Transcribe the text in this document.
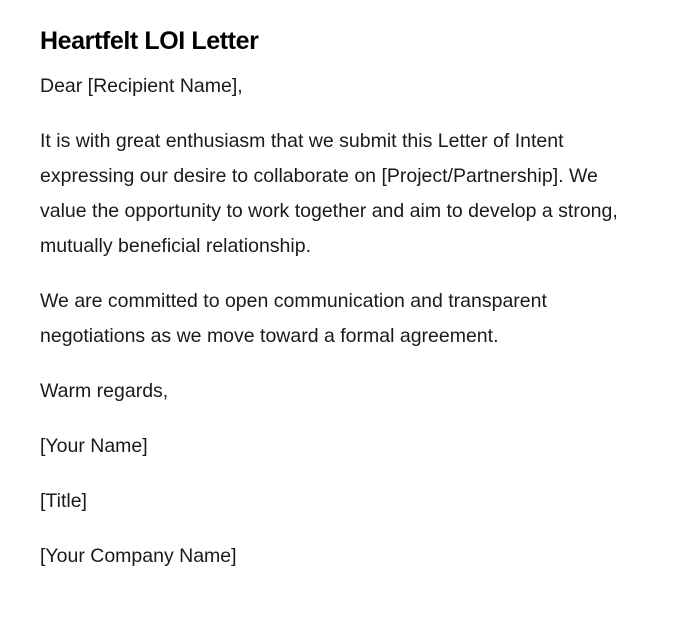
Heartfelt LOI Letter

Dear [Recipient Name],

It is with great enthusiasm that we submit this Letter of Intent expressing our desire to collaborate on [Project/Partnership]. We value the opportunity to work together and aim to develop a strong, mutually beneficial relationship.

We are committed to open communication and transparent negotiations as we move toward a formal agreement.

Warm regards,

[Your Name]

[Title]

[Your Company Name]
